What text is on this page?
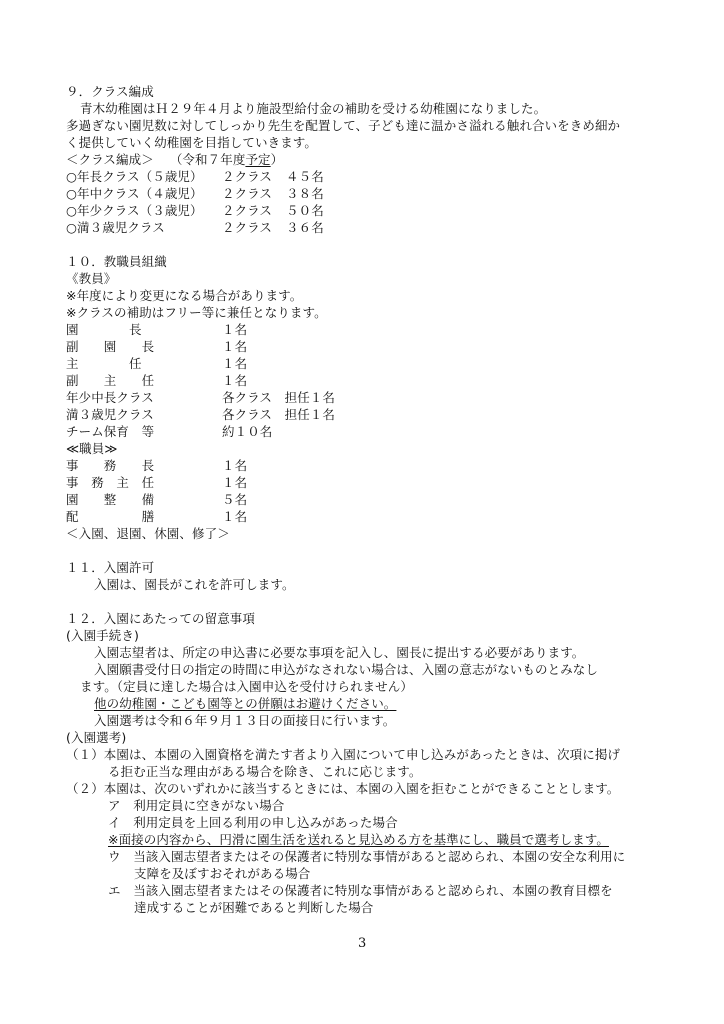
９．クラス編成
青木幼稚園はＨ２９年４月より施設型給付金の補助を受ける幼稚園になりました。
多過ぎない園児数に対してしっかり先生を配置して、子ども達に温かさ溢れる触れ合いをきめ細か
く提供していく幼稚園を目指していきます。
＜クラス編成＞ （令和７年度予定）
○年長クラス（５歳児） ２クラス ４５名
○年中クラス（４歳児） ２クラス ３８名
○年少クラス（３歳児） ２クラス ５０名
○満３歳児クラス	２クラス ３６名
１０．教職員組織
《教員》
※年度により変更になる場合があります。
※クラスの補助はフリー等に兼任となります。
園　　　　長	１名
副　　園　　長	１名
主　　　　任	１名
副　　主　　任	１名
年少中長クラス	各クラス　担任１名
満３歳児クラス	各クラス　担任１名
チーム保育　等	約１０名
≪職員≫
事　　務　　長	１名
事　務　主　任	１名
園　　整　　備	５名
配　　　　　膳	１名
＜入園、退園、休園、修了＞
１１．入園許可
入園は、園長がこれを許可します。
１２．入園にあたっての留意事項
(入園手続き)
入園志望者は、所定の申込書に必要な事項を記入し、園長に提出する必要があります。
入園願書受付日の指定の時間に申込がなされない場合は、入園の意志がないものとみなし
ます。（定員に達した場合は入園申込を受付けられません）
他の幼稚園・こども園等との併願はお避けください。
入園選考は令和６年９月１３日の面接日に行います。
(入園選考)
（１）本園は、本園の入園資格を満たす者より入園について申し込みがあったときは、次項に掲げ
る拒む正当な理由がある場合を除き、これに応じます。
（２）本園は、次のいずれかに該当するときには、本園の入園を拒むことができることとします。
ア　利用定員に空きがない場合
イ　利用定員を上回る利用の申し込みがあった場合
※面接の内容から、円滑に園生活を送れると見込める方を基準にし、職員で選考します。
ウ　当該入園志望者またはその保護者に特別な事情があると認められ、本園の安全な利用に
支障を及ぼすおそれがある場合
エ　当該入園志望者またはその保護者に特別な事情があると認められ、本園の教育目標を
達成することが困難であると判断した場合
3
